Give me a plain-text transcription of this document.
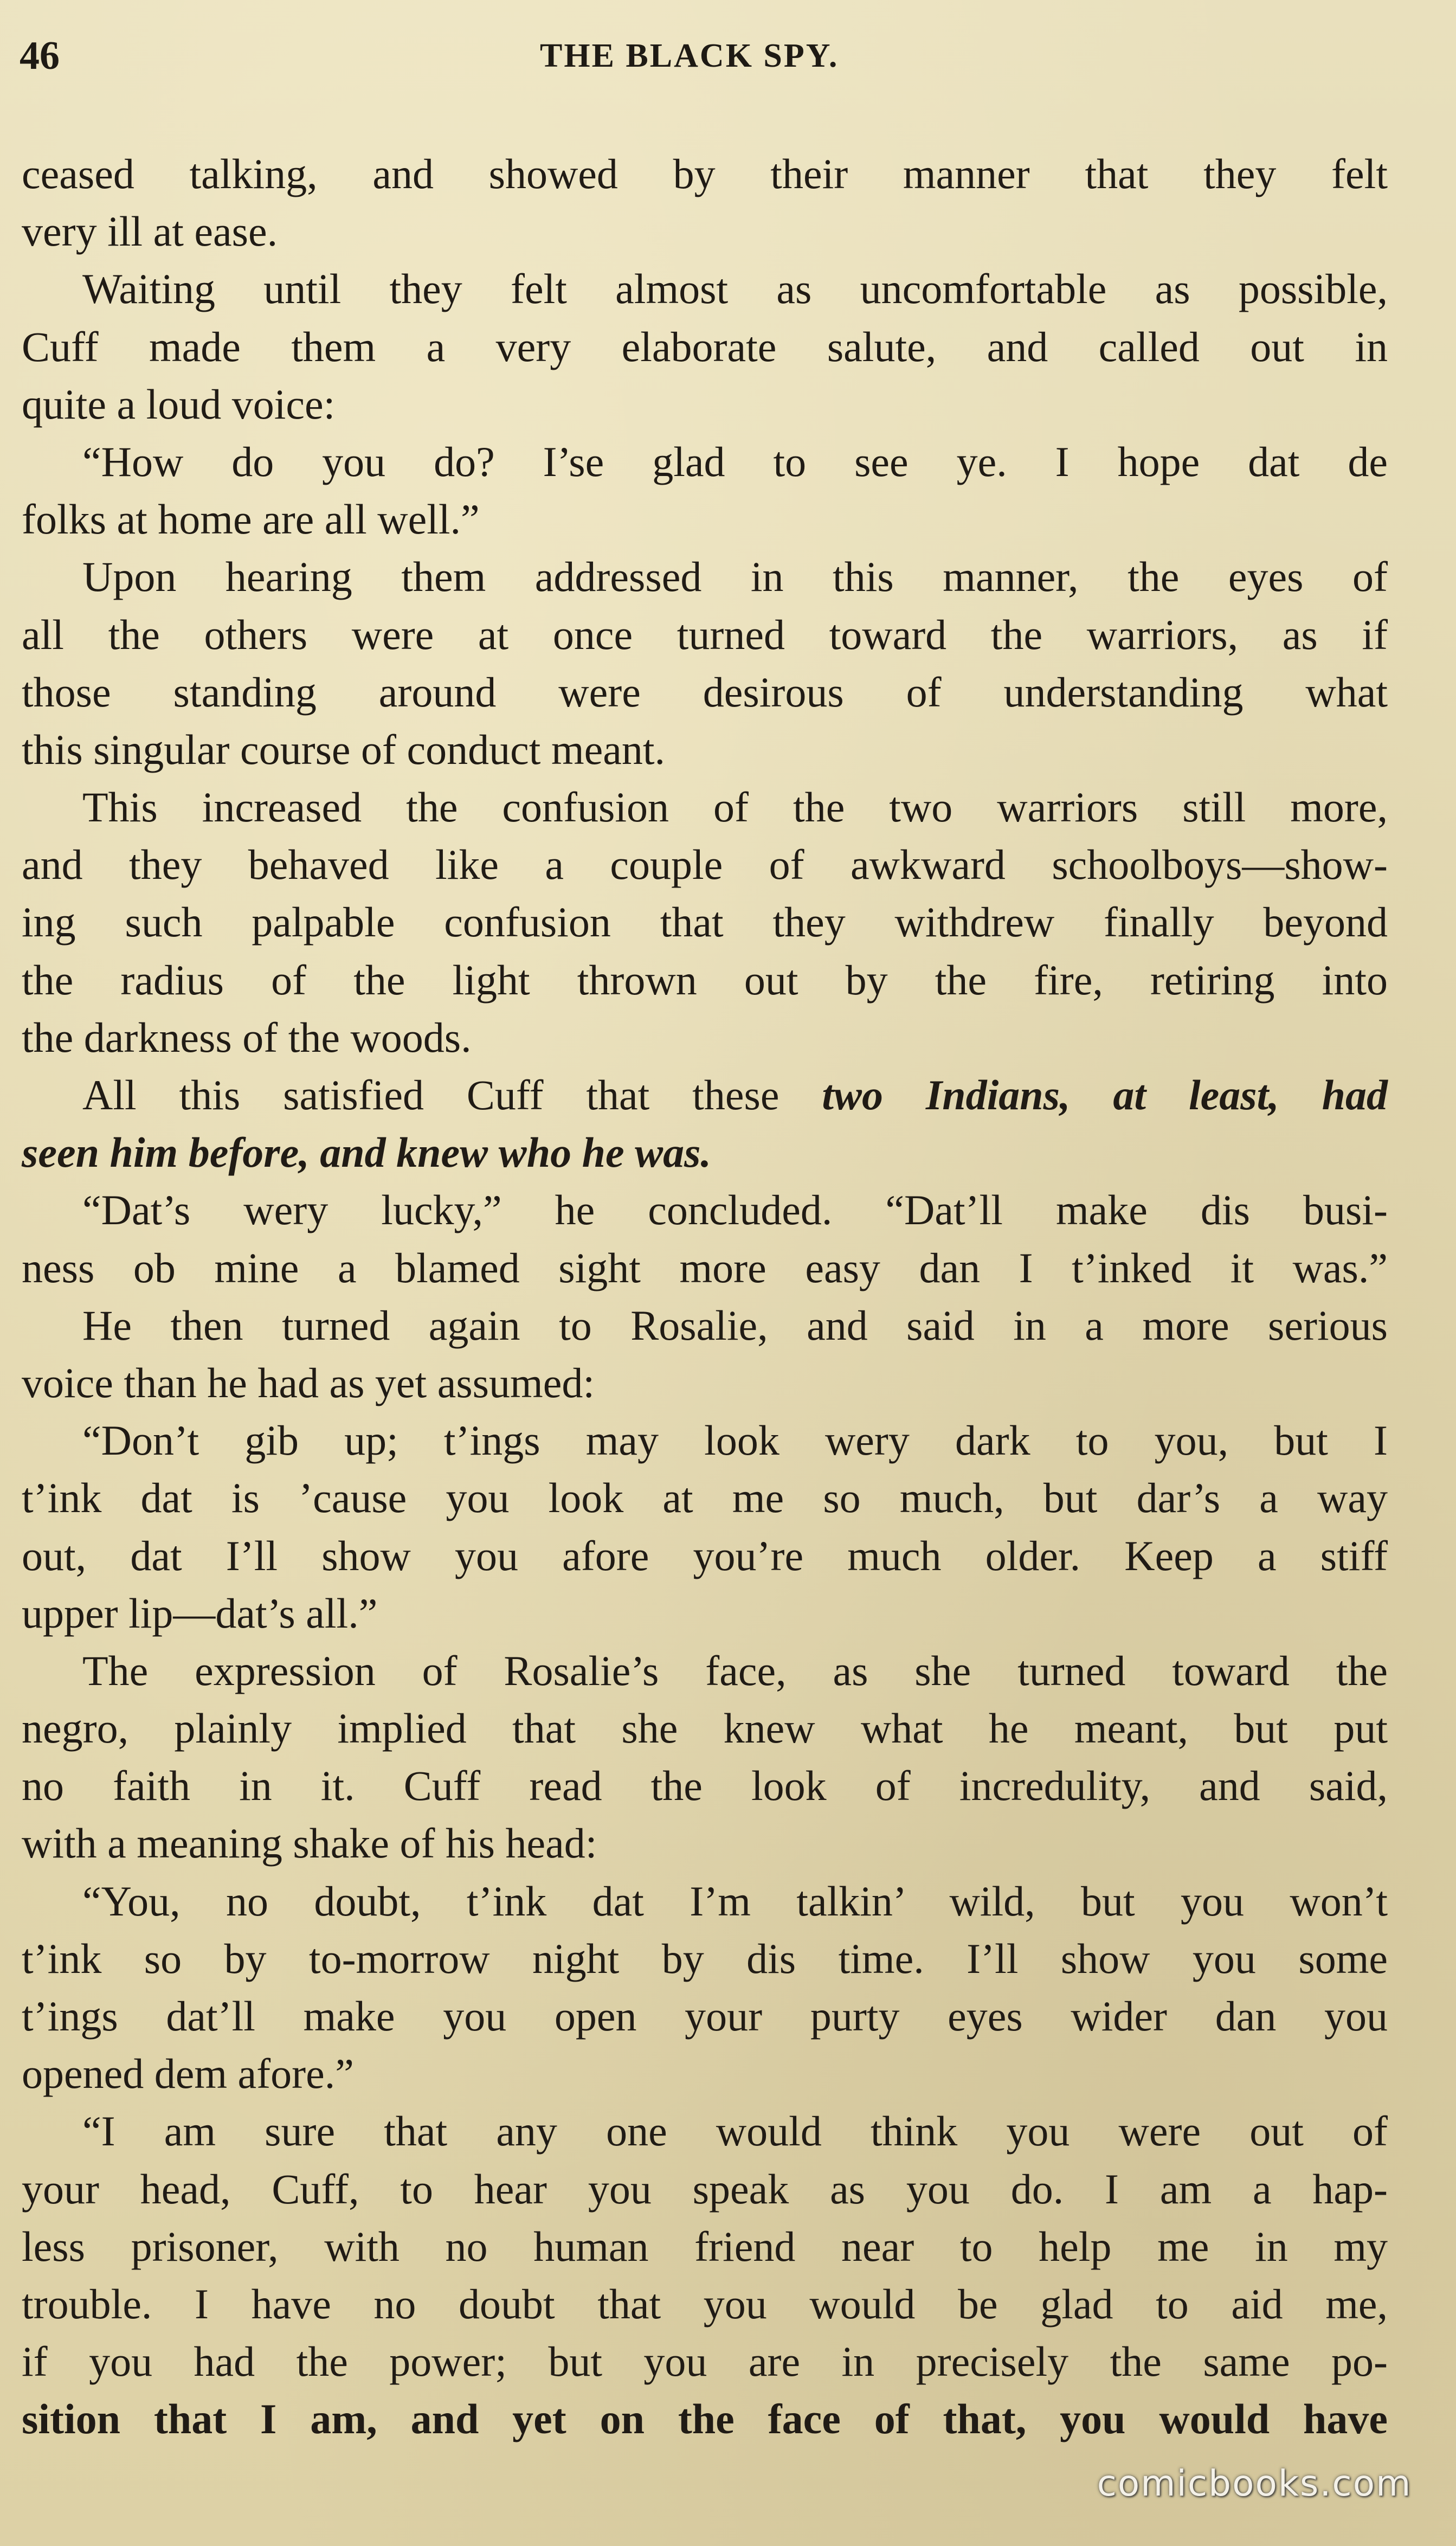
46	THE BLACK SPY.
ceased talking, and showed by their manner that they felt
very ill at ease.
Waiting until they felt almost as uncomfortable as possible,
Cuff made them a very elaborate salute, and called out in
quite a loud voice:
“How do you do? I’se glad to see ye. I hope dat de
folks at home are all well.”
Upon hearing them addressed in this manner, the eyes of
all the others were at once turned toward the warriors, as if
those standing around were desirous of understanding what
this singular course of conduct meant.
This increased the confusion of the two warriors still more,
and they behaved like a couple of awkward schoolboys—show-
ing such palpable confusion that they withdrew finally beyond
the radius of the light thrown out by the fire, retiring into
the darkness of the woods.
All this satisfied Cuff that these two Indians, at least, had
seen him before, and knew who he was.
“Dat’s wery lucky,” he concluded. “Dat’ll make dis busi-
ness ob mine a blamed sight more easy dan I t’inked it was.”
He then turned again to Rosalie, and said in a more serious
voice than he had as yet assumed:
“Don’t gib up; t’ings may look wery dark to you, but I
t’ink dat is ’cause you look at me so much, but dar’s a way
out, dat I’ll show you afore you’re much older. Keep a stiff
upper lip—dat’s all.”
The expression of Rosalie’s face, as she turned toward the
negro, plainly implied that she knew what he meant, but put
no faith in it. Cuff read the look of incredulity, and said,
with a meaning shake of his head:
“You, no doubt, t’ink dat I’m talkin’ wild, but you won’t
t’ink so by to-morrow night by dis time. I’ll show you some
t’ings dat’ll make you open your purty eyes wider dan you
opened dem afore.”
“I am sure that any one would think you were out of
your head, Cuff, to hear you speak as you do. I am a hap-
less prisoner, with no human friend near to help me in my
trouble. I have no doubt that you would be glad to aid me,
if you had the power; but you are in precisely the same po-
sition that I am, and yet on the face of that, you would have
comicbooks.com
